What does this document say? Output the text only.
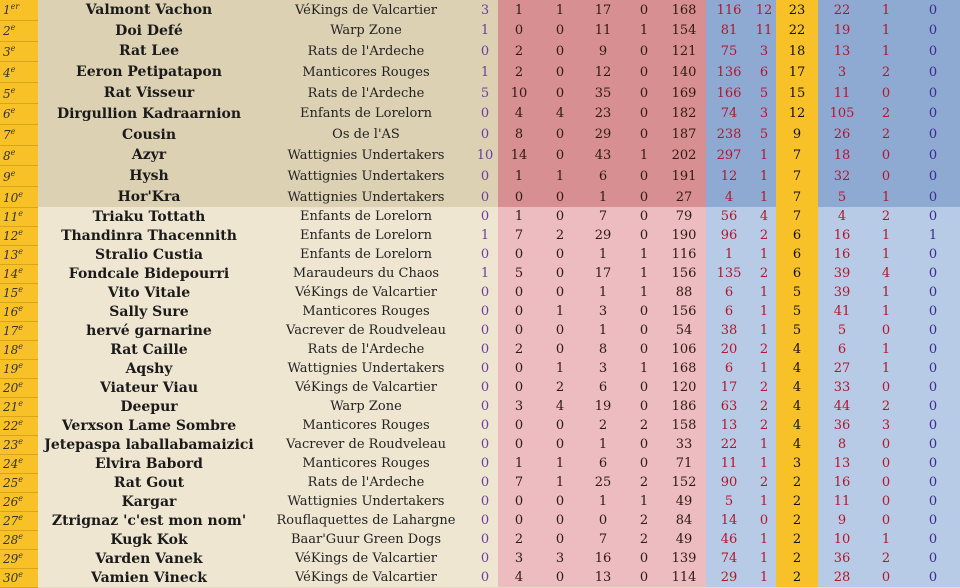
1er	Valmont Vachon	VéKings de Valcartier	3	1	1	17	0	168	116	12	23	22	1	0
2e	Doi Defé	Warp Zone	1	0	0	11	1	154	81	11	22	19	1	0
3e	Rat Lee	Rats de l'Ardeche	0	2	0	9	0	121	75	3	18	13	1	0
4e	Eeron Petipatapon	Manticores Rouges	1	2	0	12	0	140	136	6	17	3	2	0
5e	Rat Visseur	Rats de l'Ardeche	5	10	0	35	0	169	166	5	15	11	0	0
6e	Dirgullion Kadraarnion	Enfants de Lorelorn	0	4	4	23	0	182	74	3	12	105	2	0
7e	Cousin	Os de l'AS	0	8	0	29	0	187	238	5	9	26	2	0
8e	Azyr	Wattignies Undertakers	10	14	0	43	1	202	297	1	7	18	0	0
9e	Hysh	Wattignies Undertakers	0	1	1	6	0	191	12	1	7	32	0	0
10e	Hor'Kra	Wattignies Undertakers	0	0	0	1	0	27	4	1	7	5	1	0
11e	Triaku Tottath	Enfants de Lorelorn	0	1	0	7	0	79	56	4	7	4	2	0
12e	Thandinra Thacennith	Enfants de Lorelorn	1	7	2	29	0	190	96	2	6	16	1	1
13e	Stralio Custia	Enfants de Lorelorn	0	0	0	1	1	116	1	1	6	16	1	0
14e	Fondcale Bidepourri	Maraudeurs du Chaos	1	5	0	17	1	156	135	2	6	39	4	0
15e	Vito Vitale	VéKings de Valcartier	0	0	0	1	1	88	6	1	5	39	1	0
16e	Sally Sure	Manticores Rouges	0	0	1	3	0	156	6	1	5	41	1	0
17e	hervé garnarine	Vacrever de Roudveleau	0	0	0	1	0	54	38	1	5	5	0	0
18e	Rat Caille	Rats de l'Ardeche	0	2	0	8	0	106	20	2	4	6	1	0
19e	Aqshy	Wattignies Undertakers	0	0	1	3	1	168	6	1	4	27	1	0
20e	Viateur Viau	VéKings de Valcartier	0	0	2	6	0	120	17	2	4	33	0	0
21e	Deepur	Warp Zone	0	3	4	19	0	186	63	2	4	44	2	0
22e	Verxson Lame Sombre	Manticores Rouges	0	0	0	2	2	158	13	2	4	36	3	0
23e	Jetepaspa laballabamaizici	Vacrever de Roudveleau	0	0	0	1	0	33	22	1	4	8	0	0
24e	Elvira Babord	Manticores Rouges	0	1	1	6	0	71	11	1	3	13	0	0
25e	Rat Gout	Rats de l'Ardeche	0	7	1	25	2	152	90	2	2	16	0	0
26e	Kargar	Wattignies Undertakers	0	0	0	1	1	49	5	1	2	11	0	0
27e	Ztrignaz 'c'est mon nom'	Rouflaquettes de Lahargne	0	0	0	0	2	84	14	0	2	9	0	0
28e	Kugk Kok	Baar'Guur Green Dogs	0	2	0	7	2	49	46	1	2	10	1	0
29e	Varden Vanek	VéKings de Valcartier	0	3	3	16	0	139	74	1	2	36	2	0
30e	Vamien Vineck	VéKings de Valcartier	0	4	0	13	0	114	29	1	2	28	0	0
